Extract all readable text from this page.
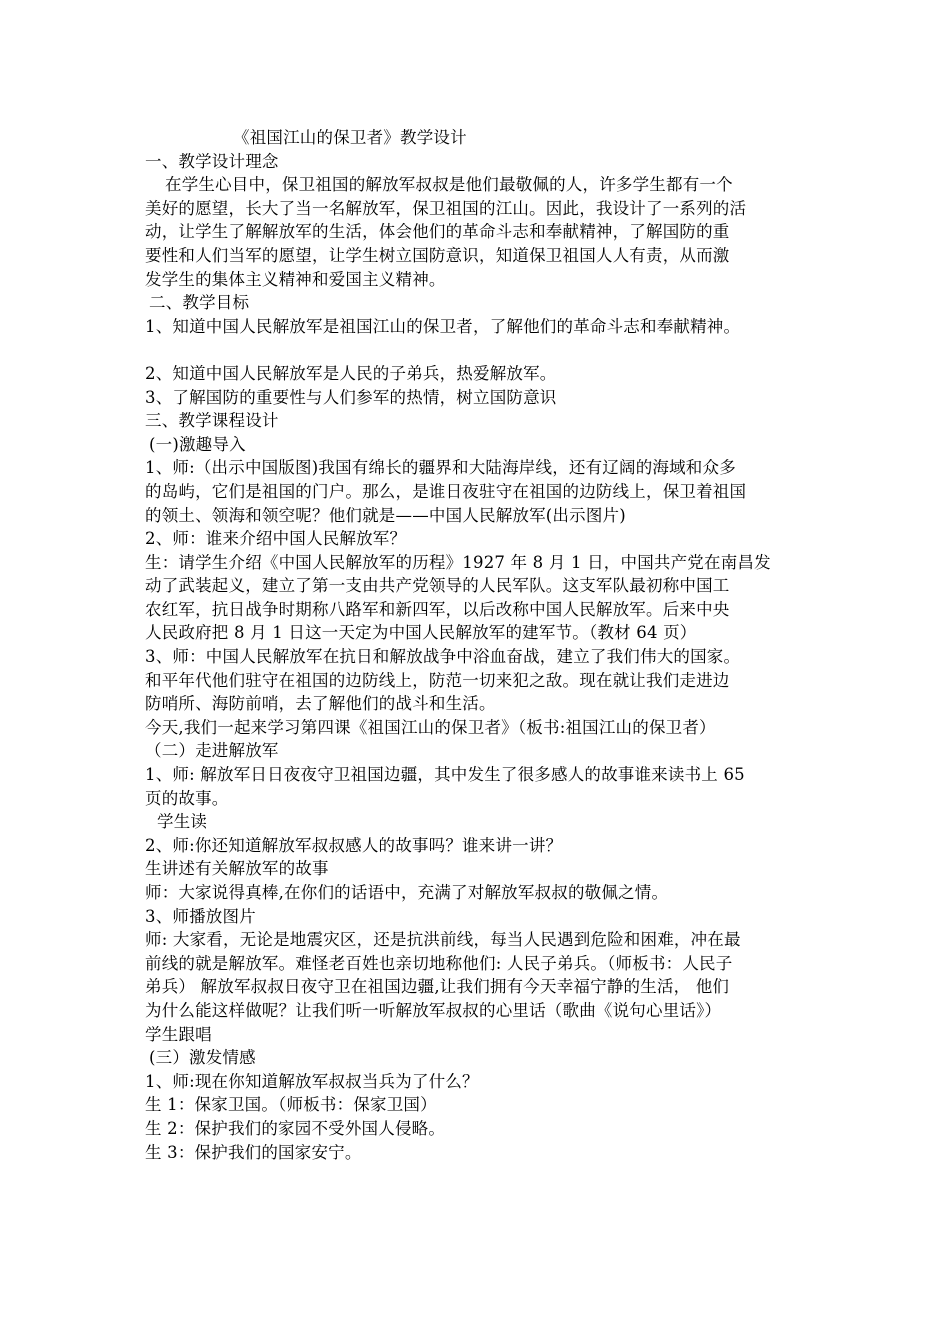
《祖国江山的保卫者》教学设计
一、教学设计理念
在学生心目中，保卫祖国的解放军叔叔是他们最敬佩的人，许多学生都有一个
美好的愿望，长大了当一名解放军，保卫祖国的江山。因此，我设计了一系列的活
动，让学生了解解放军的生活，体会他们的革命斗志和奉献精神，了解国防的重
要性和人们当军的愿望，让学生树立国防意识，知道保卫祖国人人有责，从而激
发学生的集体主义精神和爱国主义精神。
二、教学目标
1、知道中国人民解放军是祖国江山的保卫者，了解他们的革命斗志和奉献精神。
2、知道中国人民解放军是人民的子弟兵，热爱解放军。
3、了解国防的重要性与人们参军的热情，树立国防意识
三、教学课程设计
(一)激趣导入
1、师:（出示中国版图)我国有绵长的疆界和大陆海岸线，还有辽阔的海域和众多
的岛屿，它们是祖国的门户。那么，是谁日夜驻守在祖国的边防线上，保卫着祖国
的领土、领海和领空呢？他们就是——中国人民解放军(出示图片)
2、师：谁来介绍中国人民解放军？
生：请学生介绍《中国人民解放军的历程》1927 年 8 月 1 日，中国共产党在南昌发
动了武装起义，建立了第一支由共产党领导的人民军队。这支军队最初称中国工
农红军，抗日战争时期称八路军和新四军，以后改称中国人民解放军。后来中央
人民政府把 8 月 1 日这一天定为中国人民解放军的建军节。（教材 64 页）
3、师：中国人民解放军在抗日和解放战争中浴血奋战，建立了我们伟大的国家。
和平年代他们驻守在祖国的边防线上，防范一切来犯之敌。现在就让我们走进边
防哨所、海防前哨，去了解他们的战斗和生活。
今天,我们一起来学习第四课《祖国江山的保卫者》（板书:祖国江山的保卫者）
（二）走进解放军
1、师: 解放军日日夜夜守卫祖国边疆，其中发生了很多感人的故事谁来读书上 65
页的故事。
学生读
2、师:你还知道解放军叔叔感人的故事吗？谁来讲一讲？
生讲述有关解放军的故事
师：大家说得真棒,在你们的话语中，充满了对解放军叔叔的敬佩之情。
3、师播放图片
师: 大家看，无论是地震灾区，还是抗洪前线，每当人民遇到危险和困难，冲在最
前线的就是解放军。难怪老百姓也亲切地称他们: 人民子弟兵。（师板书：人民子
弟兵） 解放军叔叔日夜守卫在祖国边疆,让我们拥有今天幸福宁静的生活， 他们
为什么能这样做呢？让我们听一听解放军叔叔的心里话（歌曲《说句心里话》）
学生跟唱
(三）激发情感
1、师:现在你知道解放军叔叔当兵为了什么？
生 1：保家卫国。（师板书：保家卫国）
生 2：保护我们的家园不受外国人侵略。
生 3：保护我们的国家安宁。
